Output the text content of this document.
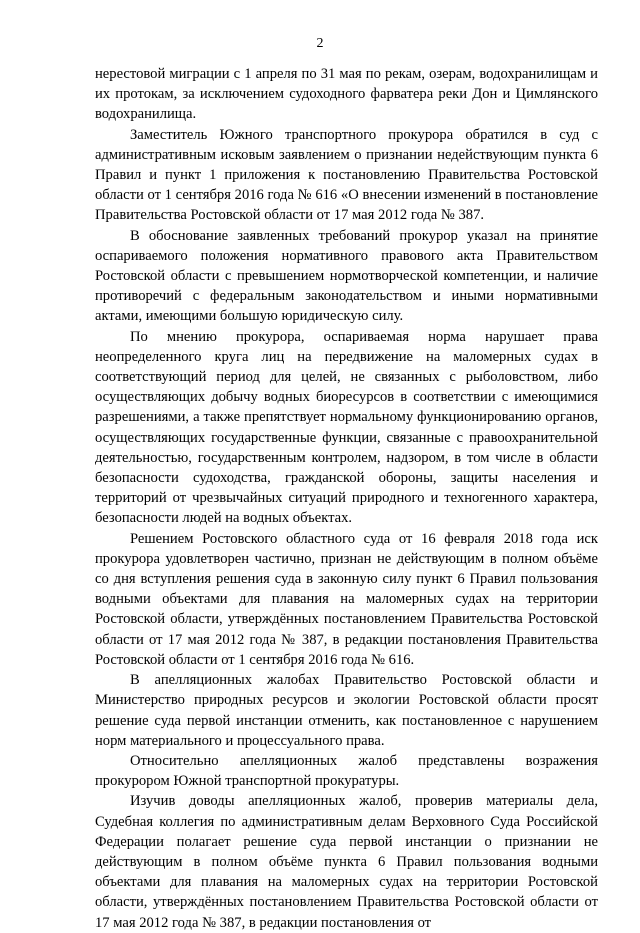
2

нерестовой миграции с 1 апреля по 31 мая по рекам, озерам, водохранилищам и их протокам, за исключением судоходного фарватера реки Дон и Цимлянского водохранилища.

Заместитель Южного транспортного прокурора обратился в суд с административным исковым заявлением о признании недействующим пункта 6 Правил и пункт 1 приложения к постановлению Правительства Ростовской области от 1 сентября 2016 года № 616 «О внесении изменений в постановление Правительства Ростовской области от 17 мая 2012 года № 387.

В обоснование заявленных требований прокурор указал на принятие оспариваемого положения нормативного правового акта Правительством Ростовской области с превышением нормотворческой компетенции, и наличие противоречий с федеральным законодательством и иными нормативными актами, имеющими большую юридическую силу.

По мнению прокурора, оспариваемая норма нарушает права неопределенного круга лиц на передвижение на маломерных судах в соответствующий период для целей, не связанных с рыболовством, либо осуществляющих добычу водных биоресурсов в соответствии с имеющимися разрешениями, а также препятствует нормальному функционированию органов, осуществляющих государственные функции, связанные с правоохранительной деятельностью, государственным контролем, надзором, в том числе в области безопасности судоходства, гражданской обороны, защиты населения и территорий от чрезвычайных ситуаций природного и техногенного характера, безопасности людей на водных объектах.

Решением Ростовского областного суда от 16 февраля 2018 года иск прокурора удовлетворен частично, признан не действующим в полном объёме со дня вступления решения суда в законную силу пункт 6 Правил пользования водными объектами для плавания на маломерных судах на территории Ростовской области, утверждённых постановлением Правительства Ростовской области от 17 мая 2012 года № 387, в редакции постановления Правительства Ростовской области от 1 сентября 2016 года № 616.

В апелляционных жалобах Правительство Ростовской области и Министерство природных ресурсов и экологии Ростовской области просят решение суда первой инстанции отменить, как постановленное с нарушением норм материального и процессуального права.

Относительно апелляционных жалоб представлены возражения прокурором Южной транспортной прокуратуры.

Изучив доводы апелляционных жалоб, проверив материалы дела, Судебная коллегия по административным делам Верховного Суда Российской Федерации полагает решение суда первой инстанции о признании не действующим в полном объёме пункта 6 Правил пользования водными объектами для плавания на маломерных судах на территории Ростовской области, утверждённых постановлением Правительства Ростовской области от 17 мая 2012 года № 387, в редакции постановления от
